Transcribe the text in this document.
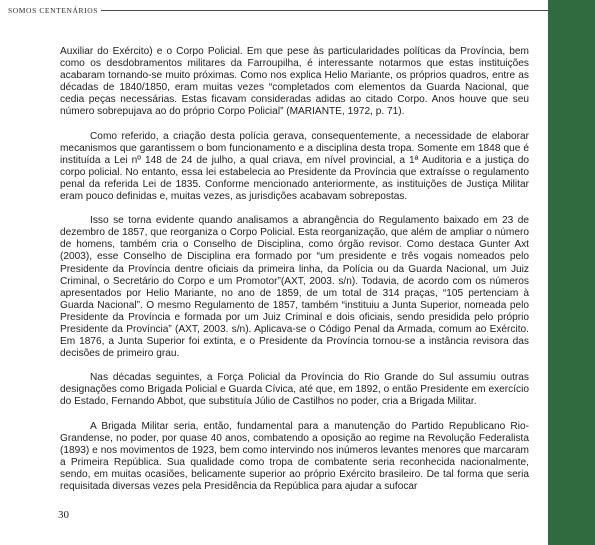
SOMOS CENTENÁRIOS

Auxiliar do Exército) e o Corpo Policial. Em que pese às particularidades políticas da Província, bem como os desdobramentos militares da Farroupilha, é interessante notarmos que estas instituições acabaram tornando-se muito próximas. Como nos explica Helio Mariante, os próprios quadros, entre as décadas de 1840/1850, eram muitas vezes “completados com elementos da Guarda Nacional, que cedia peças necessárias. Estas ficavam consideradas adidas ao citado Corpo. Anos houve que seu número sobrepujava ao do próprio Corpo Policial” (MARIANTE, 1972, p. 71).

Como referido, a criação desta polícia gerava, consequentemente, a necessidade de elaborar mecanismos que garantissem o bom funcionamento e a disciplina desta tropa. Somente em 1848 que é instituída a Lei nº 148 de 24 de julho, a qual criava, em nível provincial, a 1ª Auditoria e a justiça do corpo policial. No entanto, essa lei estabelecia ao Presidente da Província que extraísse o regulamento penal da referida Lei de 1835. Conforme mencionado anteriormente, as instituições de Justiça Militar eram pouco definidas e, muitas vezes, as jurisdições acabavam sobrepostas.

Isso se torna evidente quando analisamos a abrangência do Regulamento baixado em 23 de dezembro de 1857, que reorganiza o Corpo Policial. Esta reorganização, que além de ampliar o número de homens, também cria o Conselho de Disciplina, como órgão revisor. Como destaca Gunter Axt (2003), esse Conselho de Disciplina era formado por “um presidente e três vogais nomeados pelo Presidente da Província dentre oficiais da primeira linha, da Polícia ou da Guarda Nacional, um Juiz Criminal, o Secretário do Corpo e um Promotor”(AXT, 2003. s/n). Todavia, de acordo com os números apresentados por Helio Mariante, no ano de 1859, de um total de 314 praças, “105 pertenciam à Guarda Nacional”. O mesmo Regulamento de 1857, também “instituiu a Junta Superior, nomeada pelo Presidente da Província e formada por um Juiz Criminal e dois oficiais, sendo presidida pelo próprio Presidente da Província” (AXT, 2003. s/n). Aplicava-se o Código Penal da Armada, comum ao Exército. Em 1876, a Junta Superior foi extinta, e o Presidente da Província tornou-se a instância revisora das decisões de primeiro grau.

Nas décadas seguintes, a Força Policial da Província do Rio Grande do Sul assumiu outras designações como Brigada Policial e Guarda Cívica, até que, em 1892, o então Presidente em exercício do Estado, Fernando Abbot, que substituía Júlio de Castilhos no poder, cria a Brigada Militar.

A Brigada Militar seria, então, fundamental para a manutenção do Partido Republicano Rio-Grandense, no poder, por quase 40 anos, combatendo a oposição ao regime na Revolução Federalista (1893) e nos movimentos de 1923, bem como intervindo nos inúmeros levantes menores que marcaram a Primeira República. Sua qualidade como tropa de combatente seria reconhecida nacionalmente, sendo, em muitas ocasiões, belicamente superior ao próprio Exército brasileiro. De tal forma que seria requisitada diversas vezes pela Presidência da República para ajudar a sufocar

30
